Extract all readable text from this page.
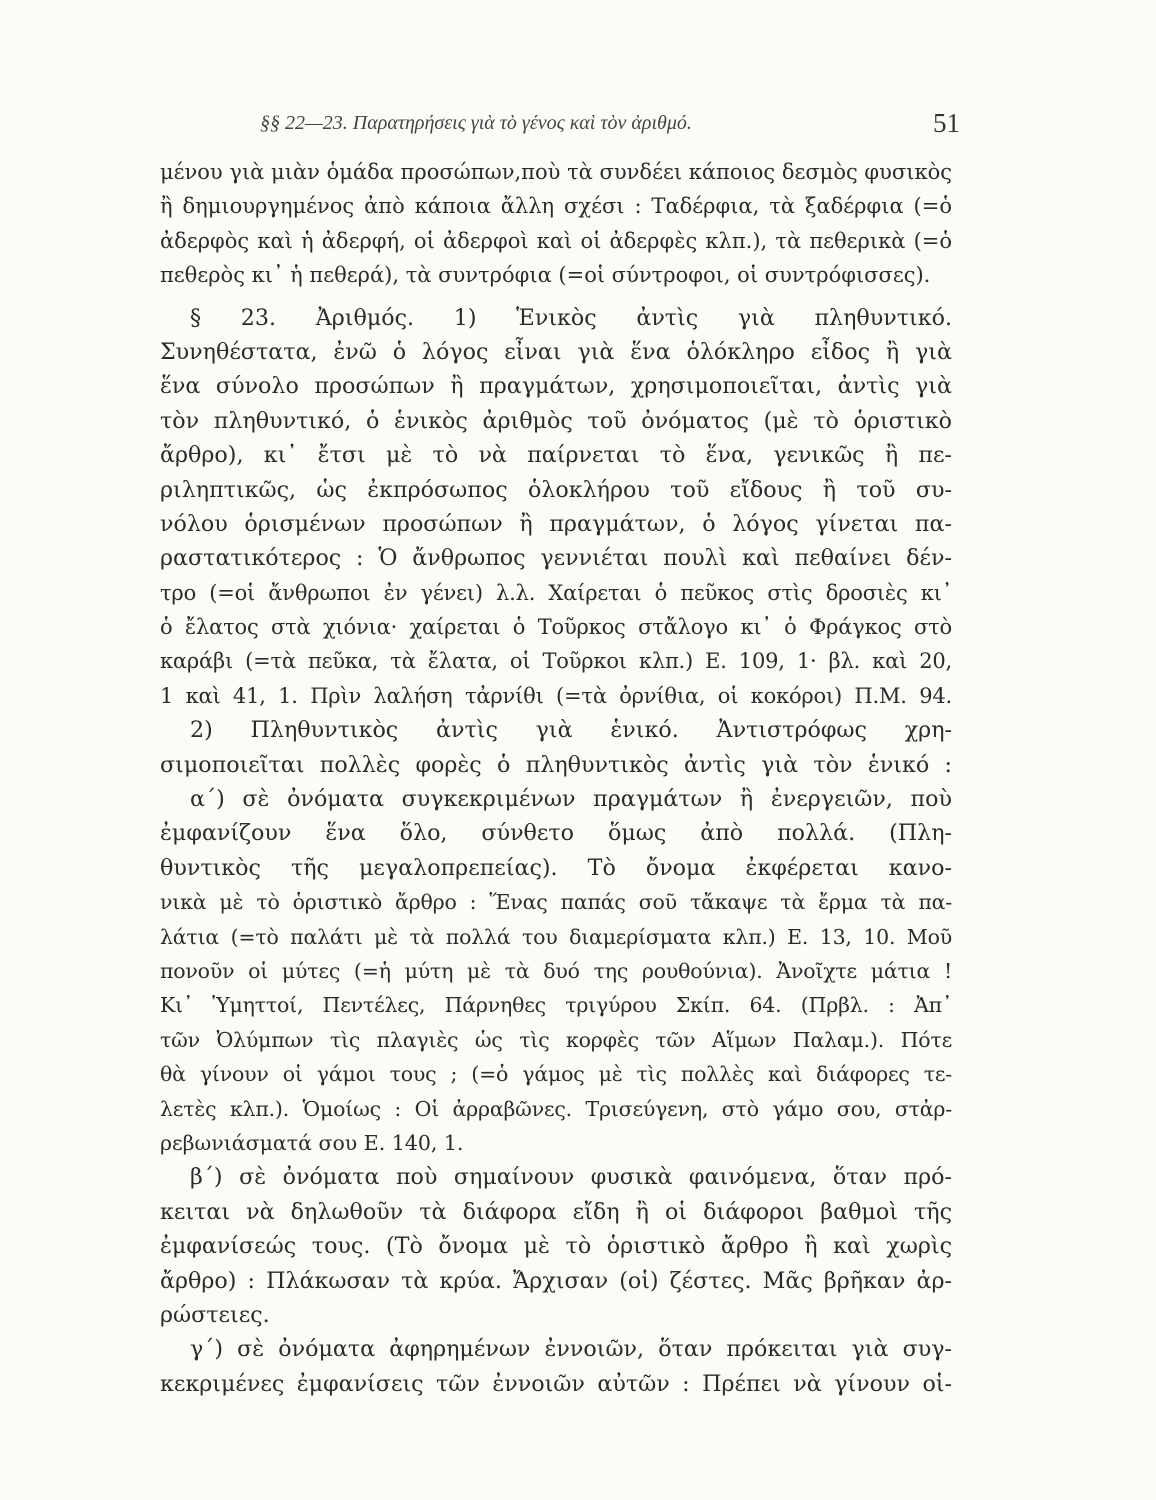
§§ 22—23. Παρατηρήσεις γιὰ τὸ γένος καὶ τὸν ἀριθμό.	51
μένου γιὰ μιὰν ὁμάδα προσώπων,ποὺ τὰ συνδέει κάποιος δεσμὸς φυσικὸς
ἢ δημιουργημένος ἀπὸ κάποια ἄλλη σχέσι : Ταδέρφια, τὰ ξαδέρφια (=ὁ
ἀδερφὸς καὶ ἡ ἀδερφή, οἱ ἀδερφοὶ καὶ οἱ ἀδερφὲς κλπ.), τὰ πεθερικὰ (=ὁ
πεθερὸς κι᾽ ἡ πεθερά), τὰ συντρόφια (=οἱ σύντροφοι, οἱ συντρόφισσες).
§ 23. Ἀριθμός. 1) Ἑνικὸς ἀντὶς γιὰ πληθυντικό.
Συνηθέστατα, ἐνῶ ὁ λόγος εἶναι γιὰ ἕνα ὁλόκληρο εἶδος ἢ γιὰ
ἕνα σύνολο προσώπων ἢ πραγμάτων, χρησιμοποιεῖται, ἀντὶς γιὰ
τὸν πληθυντικό, ὁ ἑνικὸς ἀριθμὸς τοῦ ὀνόματος (μὲ τὸ ὁριστικὸ
ἄρθρο), κι᾽ ἔτσι μὲ τὸ νὰ παίρνεται τὸ ἕνα, γενικῶς ἢ πε-
ριληπτικῶς, ὡς ἐκπρόσωπος ὁλοκλήρου τοῦ εἴδους ἢ τοῦ συ-
νόλου ὁρισμένων προσώπων ἢ πραγμάτων, ὁ λόγος γίνεται πα-
ραστατικότερος : Ὁ ἄνθρωπος γεννιέται πουλὶ καὶ πεθαίνει δέν-
τρο (=οἱ ἄνθρωποι ἐν γένει) λ.λ. Χαίρεται ὁ πεῦκος στὶς δροσιὲς κι᾽
ὁ ἔλατος στὰ χιόνια· χαίρεται ὁ Τοῦρκος στἄλογο κι᾽ ὁ Φράγκος στὸ
καράβι (=τὰ πεῦκα, τὰ ἔλατα, οἱ Τοῦρκοι κλπ.) Ε. 109, 1· βλ. καὶ 20,
1 καὶ 41, 1. Πρὶν λαλήση τἀρνίθι (=τὰ ὀρνίθια, οἱ κοκόροι) Π.Μ. 94.
2) Πληθυντικὸς ἀντὶς γιὰ ἑνικό. Ἀντιστρόφως χρη-
σιμοποιεῖται πολλὲς φορὲς ὁ πληθυντικὸς ἀντὶς γιὰ τὸν ἑνικό :
α΄) σὲ ὀνόματα συγκεκριμένων πραγμάτων ἢ ἐνεργειῶν, ποὺ
ἐμφανίζουν ἕνα ὅλο, σύνθετο ὅμως ἀπὸ πολλά. (Πλη-
θυντικὸς τῆς μεγαλοπρεπείας). Τὸ ὄνομα ἐκφέρεται κανο-
νικὰ μὲ τὸ ὁριστικὸ ἄρθρο : Ἕνας παπάς σοῦ τἄκαψε τὰ ἔρμα τὰ πα-
λάτια (=τὸ παλάτι μὲ τὰ πολλά του διαμερίσματα κλπ.) Ε. 13, 10. Μοῦ
πονοῦν οἱ μύτες (=ἡ μύτη μὲ τὰ δυό της ρουθούνια). Ἀνοῖχτε μάτια !
Κι᾽ Ὑμηττοί, Πεντέλες, Πάρνηθες τριγύρου Σκίπ. 64. (Πρβλ. : Ἀπ᾽
τῶν Ὀλύμπων τὶς πλαγιὲς ὡς τὶς κορφὲς τῶν Αἵμων Παλαμ.). Πότε
θὰ γίνουν οἱ γάμοι τους ; (=ὁ γάμος μὲ τὶς πολλὲς καὶ διάφορες τε-
λετὲς κλπ.). Ὁμοίως : Οἱ ἀρραβῶνες. Τρισεύγενη, στὸ γάμο σου, στἀρ-
ρεβωνιάσματά σου Ε. 140, 1.
β΄) σὲ ὀνόματα ποὺ σημαίνουν φυσικὰ φαινόμενα, ὅταν πρό-
κειται νὰ δηλωθοῦν τὰ διάφορα εἴδη ἢ οἱ διάφοροι βαθμοὶ τῆς
ἐμφανίσεώς τους. (Τὸ ὄνομα μὲ τὸ ὁριστικὸ ἄρθρο ἢ καὶ χωρὶς
ἄρθρο) : Πλάκωσαν τὰ κρύα. Ἄρχισαν (οἱ) ζέστες. Μᾶς βρῆκαν ἀρ-
ρώστειες.
γ΄) σὲ ὀνόματα ἀφηρημένων ἐννοιῶν, ὅταν πρόκειται γιὰ συγ-
κεκριμένες ἐμφανίσεις τῶν ἐννοιῶν αὐτῶν : Πρέπει νὰ γίνουν οἱ-
